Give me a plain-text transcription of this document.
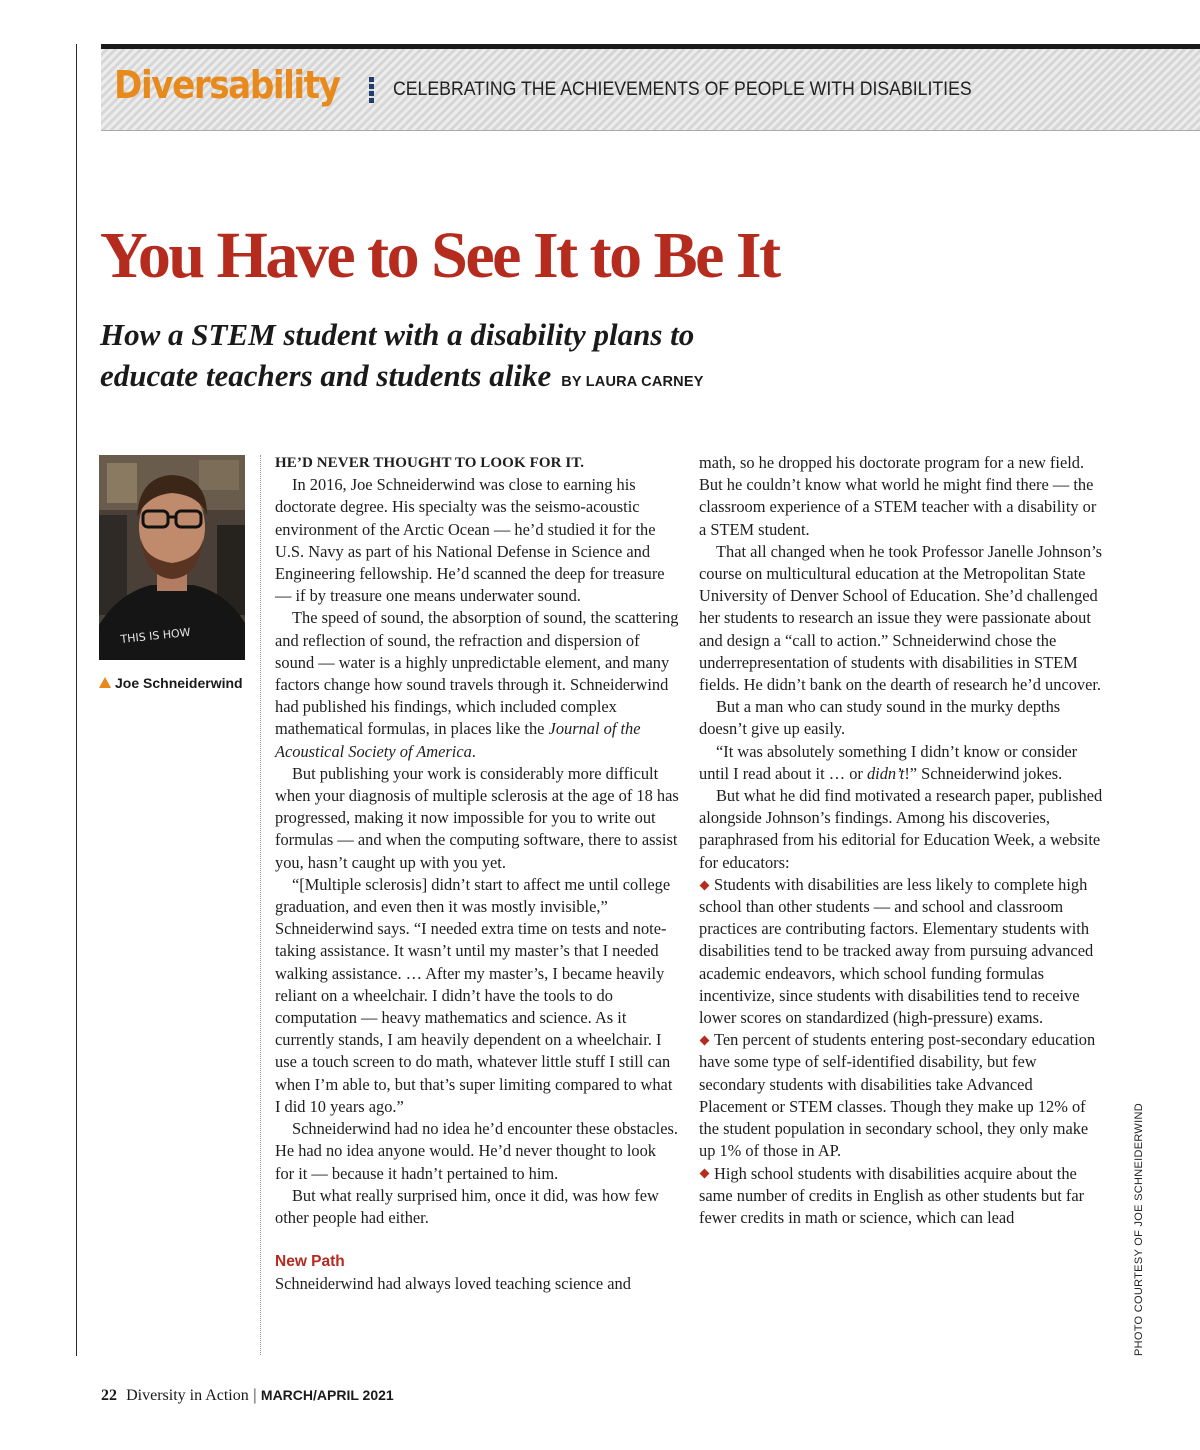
Diversability	CELEBRATING THE ACHIEVEMENTS OF PEOPLE WITH DISABILITIES
You Have to See It to Be It
How a STEM student with a disability plans to
educate teachers and students alike BY LAURA CARNEY
THIS IS HOW
Joe Schneiderwind

HE’D NEVER THOUGHT TO LOOK FOR IT.

In 2016, Joe Schneiderwind was close to earning his doctorate degree. His specialty was the seismo-acoustic environment of the Arctic Ocean — he’d studied it for the U.S. Navy as part of his National Defense in Science and Engineering fellowship. He’d scanned the deep for treasure — if by treasure one means underwater sound.

The speed of sound, the absorption of sound, the scattering and reflection of sound, the refraction and dispersion of sound — water is a highly unpredictable element, and many factors change how sound travels through it. Schneiderwind had published his findings, which included complex mathematical formulas, in places like the Journal of the Acoustical Society of America.

But publishing your work is considerably more difficult when your diagnosis of multiple sclerosis at the age of 18 has progressed, making it now impossible for you to write out formulas — and when the computing software, there to assist you, hasn’t caught up with you yet.

“[Multiple sclerosis] didn’t start to affect me until college graduation, and even then it was mostly invisible,” Schneiderwind says. “I needed extra time on tests and note-taking assistance. It wasn’t until my master’s that I needed walking assistance. … After my master’s, I became heavily reliant on a wheelchair. I didn’t have the tools to do computation — heavy mathematics and science. As it currently stands, I am heavily dependent on a wheelchair. I use a touch screen to do math, whatever little stuff I still can when I’m able to, but that’s super limiting compared to what I did 10 years ago.”

Schneiderwind had no idea he’d encounter these obstacles. He had no idea anyone would. He’d never thought to look for it — because it hadn’t pertained to him.

But what really surprised him, once it did, was how few other people had either.

New Path

Schneiderwind had always loved teaching science and

math, so he dropped his doctorate program for a new field. But he couldn’t know what world he might find there — the classroom experience of a STEM teacher with a disability or a STEM student.

That all changed when he took Professor Janelle Johnson’s course on multicultural education at the Metropolitan State University of Denver School of Education. She’d challenged her students to research an issue they were passionate about and design a “call to action.” Schneiderwind chose the underrepresentation of students with disabilities in STEM fields. He didn’t bank on the dearth of research he’d uncover.

But a man who can study sound in the murky depths doesn’t give up easily.

“It was absolutely something I didn’t know or consider until I read about it … or didn’t!” Schneiderwind jokes.

But what he did find motivated a research paper, published alongside Johnson’s findings. Among his discoveries, paraphrased from his editorial for Education Week, a website for educators:

Students with disabilities are less likely to complete high school than other students — and school and classroom practices are contributing factors. Elementary students with disabilities tend to be tracked away from pursuing advanced academic endeavors, which school funding formulas incentivize, since students with disabilities tend to receive lower scores on standardized (high-pressure) exams.

Ten percent of students entering post-secondary education have some type of self-identified disability, but few secondary students with disabilities take Advanced Placement or STEM classes. Though they make up 12% of the student population in secondary school, they only make up 1% of those in AP.

High school students with disabilities acquire about the same number of credits in English as other students but far fewer credits in math or science, which can lead	PHOTO COURTESY OF JOE SCHNEIDERWIND
22 Diversity in Action | MARCH/APRIL 2021
